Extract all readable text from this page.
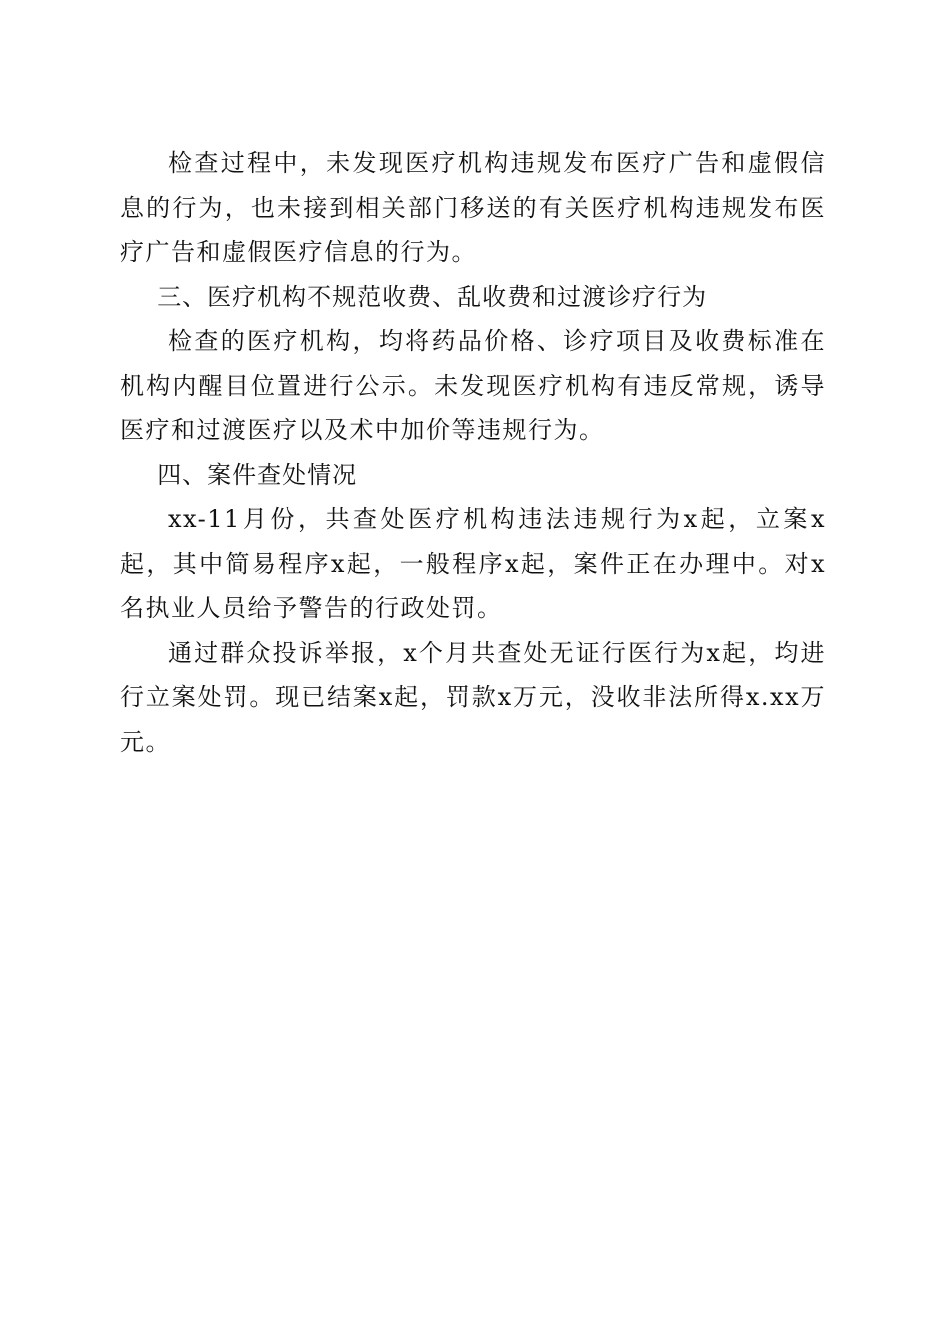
检查过程中，未发现医疗机构违规发布医疗广告和虚假信息的行为，也未接到相关部门移送的有关医疗机构违规发布医疗广告和虚假医疗信息的行为。

三、医疗机构不规范收费、乱收费和过渡诊疗行为

检查的医疗机构，均将药品价格、诊疗项目及收费标准在机构内醒目位置进行公示。未发现医疗机构有违反常规，诱导医疗和过渡医疗以及术中加价等违规行为。

四、案件查处情况

xx-11月份，共查处医疗机构违法违规行为x起，立案x起，其中简易程序x起，一般程序x起，案件正在办理中。对x名执业人员给予警告的行政处罚。

通过群众投诉举报，x个月共查处无证行医行为x起，均进行立案处罚。现已结案x起，罚款x万元，没收非法所得x.xx万元。
